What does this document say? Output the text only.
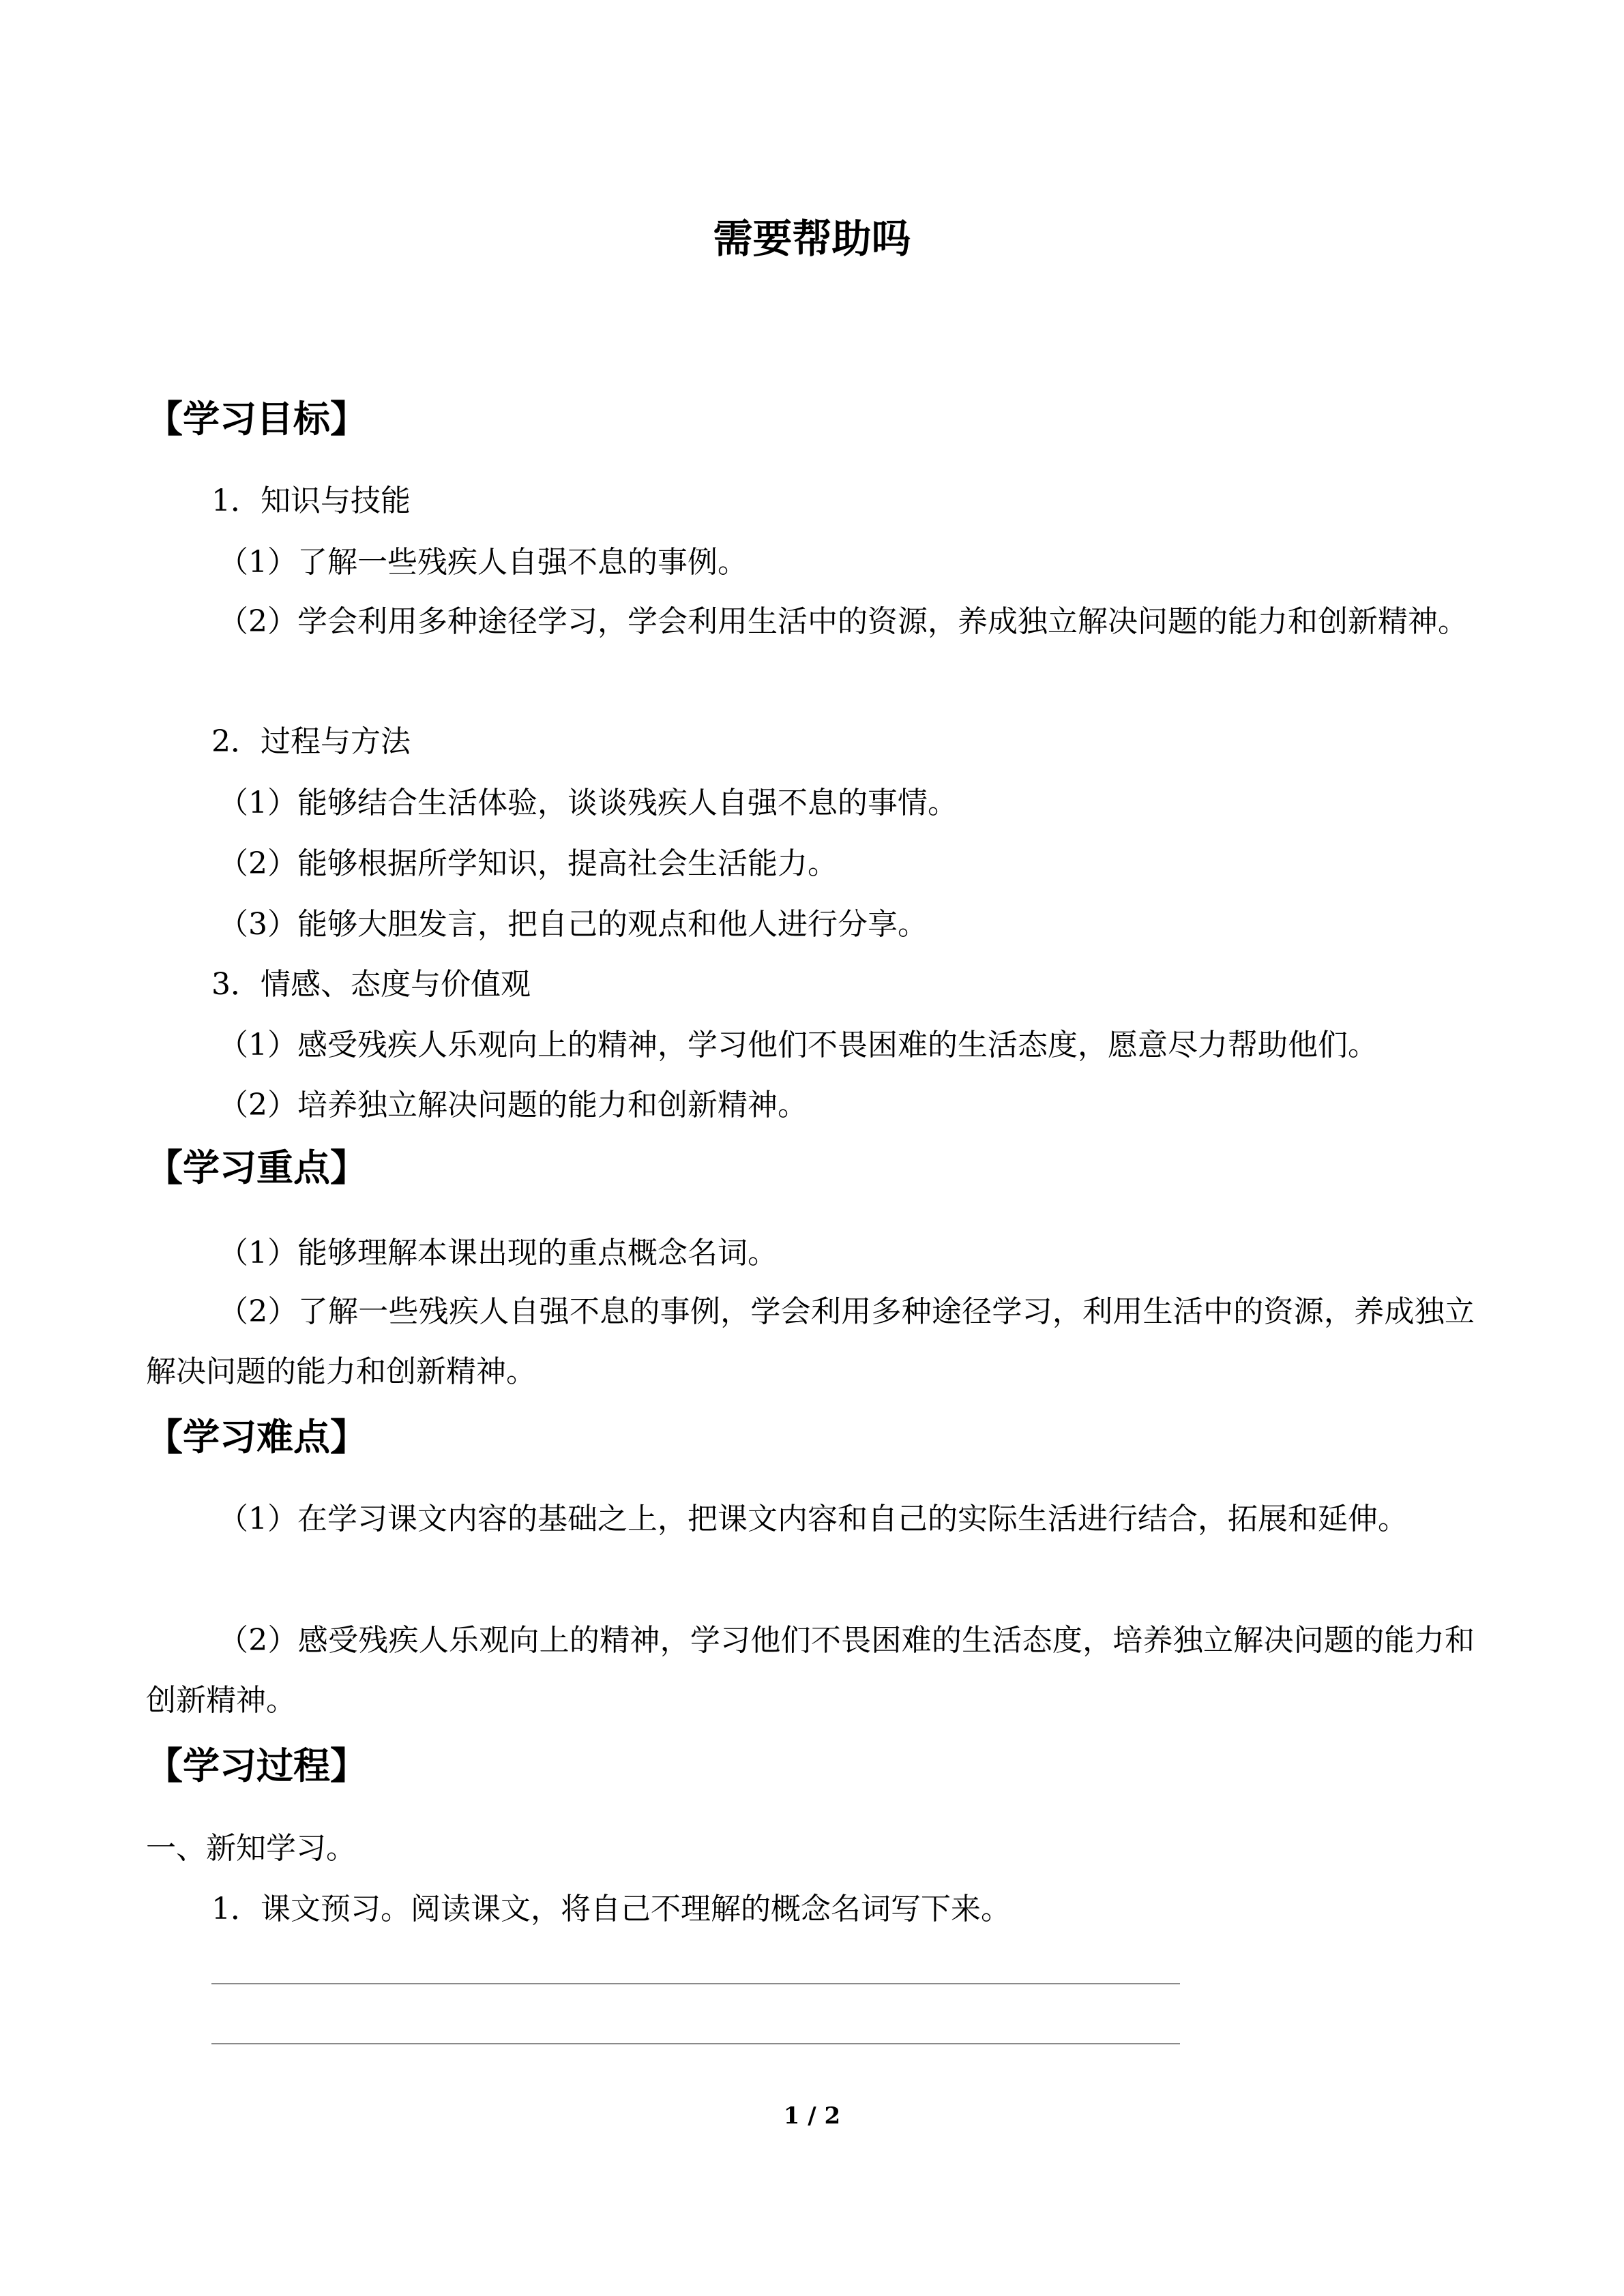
需要帮助吗
【学习目标】
1．知识与技能
（1）了解一些残疾人自强不息的事例。
（2）学会利用多种途径学习，学会利用生活中的资源，养成独立解决问题的能力和创新精神。
2．过程与方法
（1）能够结合生活体验，谈谈残疾人自强不息的事情。
（2）能够根据所学知识，提高社会生活能力。
（3）能够大胆发言，把自己的观点和他人进行分享。
3．情感、态度与价值观
（1）感受残疾人乐观向上的精神，学习他们不畏困难的生活态度，愿意尽力帮助他们。
（2）培养独立解决问题的能力和创新精神。
【学习重点】
（1）能够理解本课出现的重点概念名词。
（2）了解一些残疾人自强不息的事例，学会利用多种途径学习，利用生活中的资源，养成独立解决问题的能力和创新精神。
【学习难点】
（1）在学习课文内容的基础之上，把课文内容和自己的实际生活进行结合，拓展和延伸。
（2）感受残疾人乐观向上的精神，学习他们不畏困难的生活态度，培养独立解决问题的能力和创新精神。
【学习过程】
一、新知学习。
1．课文预习。阅读课文，将自己不理解的概念名词写下来。
1 / 2
